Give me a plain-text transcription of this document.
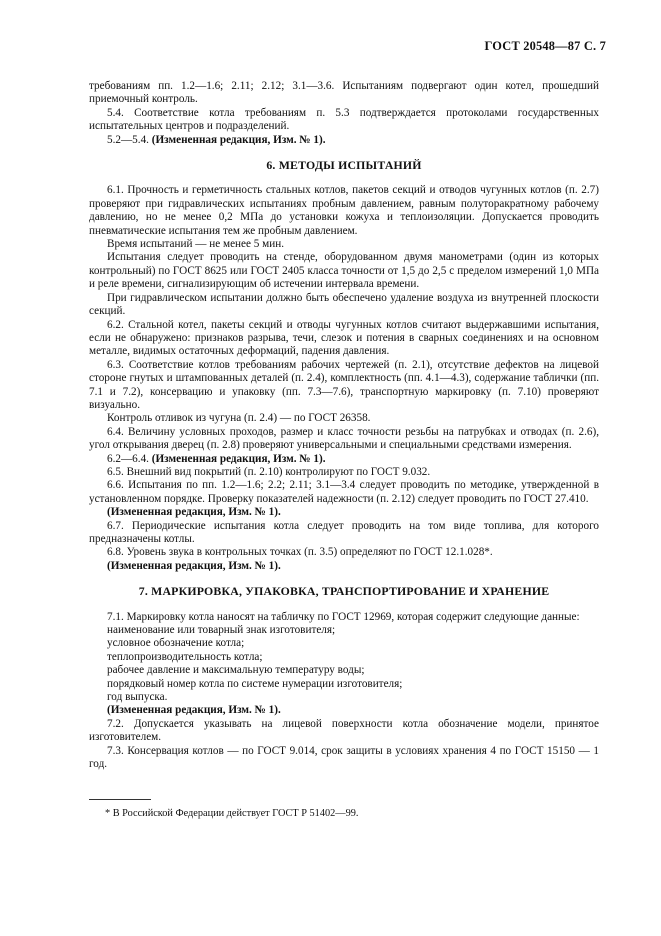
ГОСТ 20548—87 С. 7
требованиям пп. 1.2—1.6; 2.11; 2.12; 3.1—3.6. Испытаниям подвергают один котел, прошедший приемочный контроль.
5.4. Соответствие котла требованиям п. 5.3 подтверждается протоколами государственных испытательных центров и подразделений.
5.2—5.4. (Измененная редакция, Изм. № 1).
6. МЕТОДЫ ИСПЫТАНИЙ
6.1. Прочность и герметичность стальных котлов, пакетов секций и отводов чугунных котлов (п. 2.7) проверяют при гидравлических испытаниях пробным давлением, равным полуторакратному рабочему давлению, но не менее 0,2 МПа до установки кожуха и теплоизоляции. Допускается проводить пневматические испытания тем же пробным давлением.
Время испытаний — не менее 5 мин.
Испытания следует проводить на стенде, оборудованном двумя манометрами (один из которых контрольный) по ГОСТ 8625 или ГОСТ 2405 класса точности от 1,5 до 2,5 с пределом измерений 1,0 МПа и реле времени, сигнализирующим об истечении интервала времени.
При гидравлическом испытании должно быть обеспечено удаление воздуха из внутренней плоскости секций.
6.2. Стальной котел, пакеты секций и отводы чугунных котлов считают выдержавшими испытания, если не обнаружено: признаков разрыва, течи, слезок и потения в сварных соединениях и на основном металле, видимых остаточных деформаций, падения давления.
6.3. Соответствие котлов требованиям рабочих чертежей (п. 2.1), отсутствие дефектов на лицевой стороне гнутых и штампованных деталей (п. 2.4), комплектность (пп. 4.1—4.3), содержание таблички (пп. 7.1 и 7.2), консервацию и упаковку (пп. 7.3—7.6), транспортную маркировку (п. 7.10) проверяют визуально.
Контроль отливок из чугуна (п. 2.4) — по ГОСТ 26358.
6.4. Величину условных проходов, размер и класс точности резьбы на патрубках и отводах (п. 2.6), угол открывания дверец (п. 2.8) проверяют универсальными и специальными средствами измерения.
6.2—6.4. (Измененная редакция, Изм. № 1).
6.5. Внешний вид покрытий (п. 2.10) контролируют по ГОСТ 9.032.
6.6. Испытания по пп. 1.2—1.6; 2.2; 2.11; 3.1—3.4 следует проводить по методике, утвержденной в установленном порядке. Проверку показателей надежности (п. 2.12) следует проводить по ГОСТ 27.410.
(Измененная редакция, Изм. № 1).
6.7. Периодические испытания котла следует проводить на том виде топлива, для которого предназначены котлы.
6.8. Уровень звука в контрольных точках (п. 3.5) определяют по ГОСТ 12.1.028*.
(Измененная редакция, Изм. № 1).
7. МАРКИРОВКА, УПАКОВКА, ТРАНСПОРТИРОВАНИЕ И ХРАНЕНИЕ
7.1. Маркировку котла наносят на табличку по ГОСТ 12969, которая содержит следующие данные:
наименование или товарный знак изготовителя;
условное обозначение котла;
теплопроизводительность котла;
рабочее давление и максимальную температуру воды;
порядковый номер котла по системе нумерации изготовителя;
год выпуска.
(Измененная редакция, Изм. № 1).
7.2. Допускается указывать на лицевой поверхности котла обозначение модели, принятое изготовителем.
7.3. Консервация котлов — по ГОСТ 9.014, срок защиты в условиях хранения 4 по ГОСТ 15150 — 1 год.
* В Российской Федерации действует ГОСТ Р 51402—99.
